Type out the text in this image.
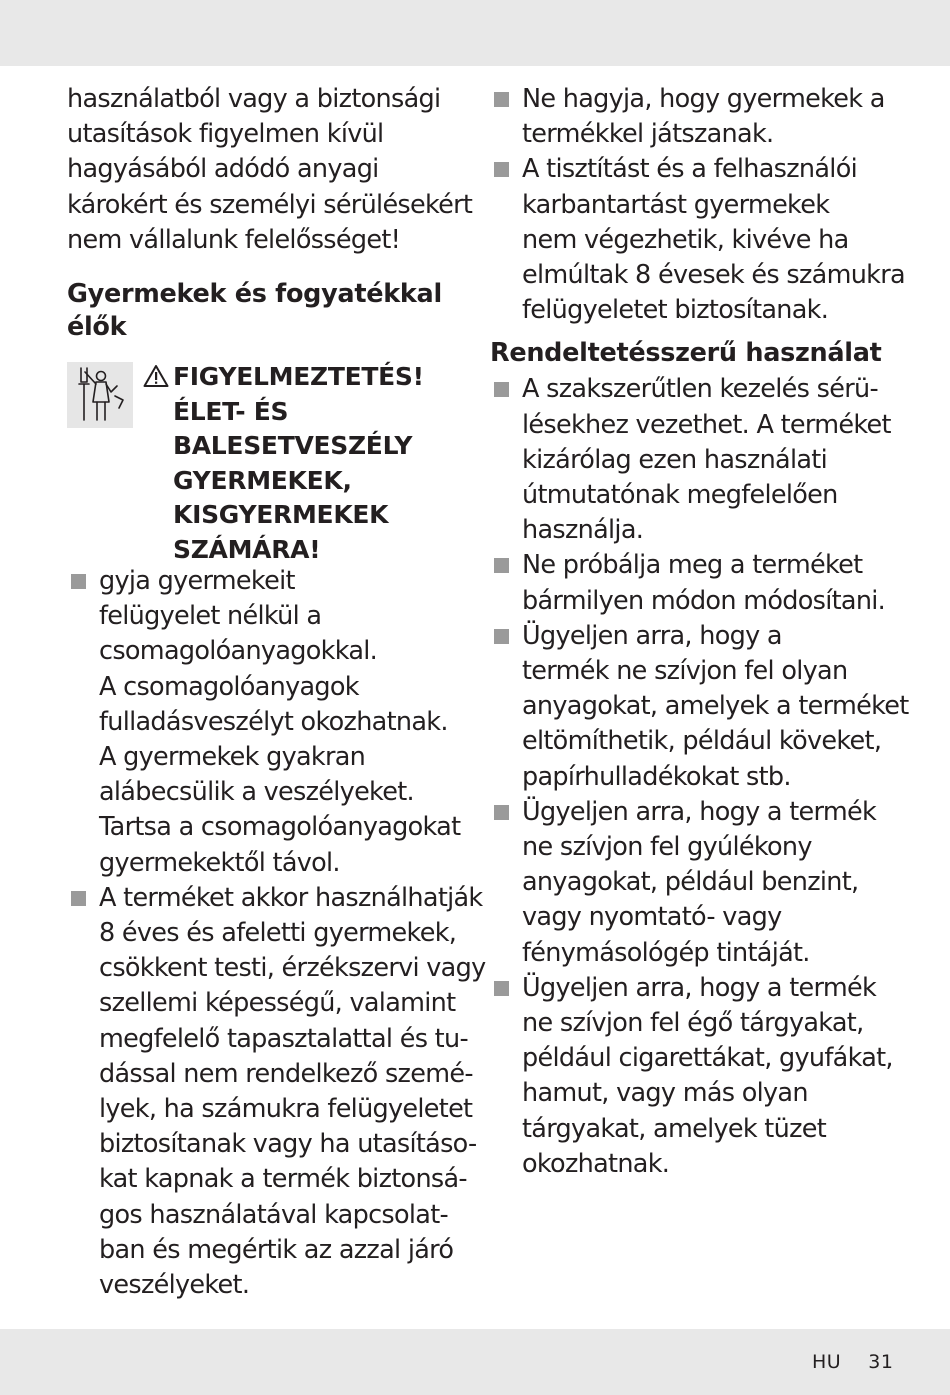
használatból vagy a biztonsági
utasítások figyelmen kívül
hagyásából adódó anyagi
károkért és személyi sérülésekért
nem vállalunk felelősséget!

Gyermekek és fogyatékkal
élők
FIGYELMEZTETÉS!
ÉLET- ÉS
BALESETVESZÉLY
GYERMEKEK,
KISGYERMEKEK
SZÁMÁRA!
gyja gyermekeit
felügyelet nélkül a
csomagolóanyagokkal.
A csomagolóanyagok
fulladásveszélyt okozhatnak.
A gyermekek gyakran
alábecsülik a veszélyeket.
Tartsa a csomagolóanyagokat
gyermekektől távol.
A terméket akkor használhatják
8 éves és afeletti gyermekek,
csökkent testi, érzékszervi vagy
szellemi képességű, valamint
megfelelő tapasztalattal és tu-
dással nem rendelkező szemé-
lyek, ha számukra felügyeletet
biztosítanak vagy ha utasításo-
kat kapnak a termék biztonsá-
gos használatával kapcsolat-
ban és megértik az azzal járó
veszélyeket.
Ne hagyja, hogy gyermekek a
termékkel játszanak.
A tisztítást és a felhasználói
karbantartást gyermekek
nem végezhetik, kivéve ha
elmúltak 8 évesek és számukra
felügyeletet biztosítanak.
Rendeltetésszerű használat
A szakszerűtlen kezelés sérü-
lésekhez vezethet. A terméket
kizárólag ezen használati
útmutatónak megfelelően
használja.
Ne próbálja meg a terméket
bármilyen módon módosítani.
Ügyeljen arra, hogy a
termék ne szívjon fel olyan
anyagokat, amelyek a terméket
eltömíthetik, például köveket,
papírhulladékokat stb.
Ügyeljen arra, hogy a termék
ne szívjon fel gyúlékony
anyagokat, például benzint,
vagy nyomtató- vagy
fénymásológép tintáját.
Ügyeljen arra, hogy a termék
ne szívjon fel égő tárgyakat,
például cigarettákat, gyufákat,
hamut, vagy más olyan
tárgyakat, amelyek tüzet
okozhatnak.
HU 31
